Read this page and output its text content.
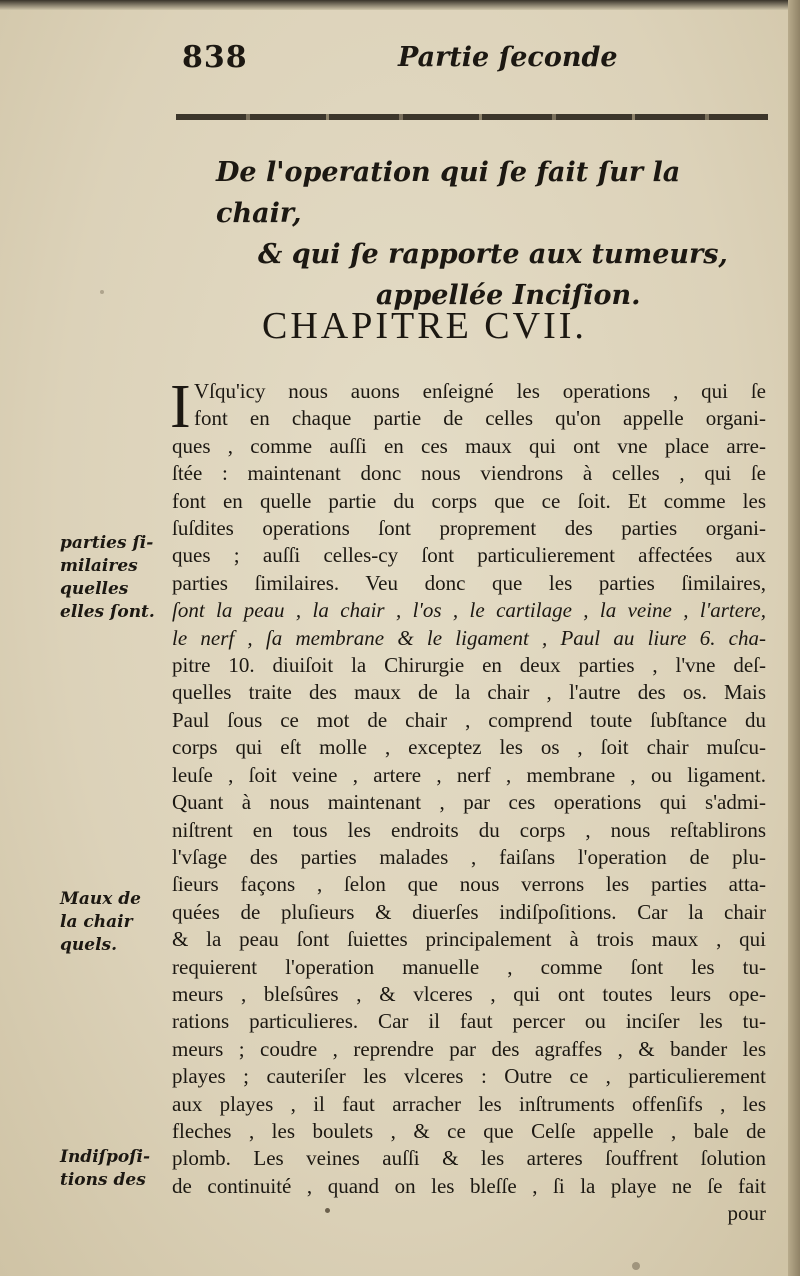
838	Partie ſeconde
De l'operation qui ſe fait ſur la chair,
& qui ſe rapporte aux tumeurs,
appellée Inciſion.
CHAPITRE CVII.
I Vſqu'icy nous auons enſeigné les operations , qui ſe
font en chaque partie de celles qu'on appelle organi-
ques , comme auſſi en ces maux qui ont vne place arre-
ſtée : maintenant donc nous viendrons à celles , qui ſe
font en quelle partie du corps que ce ſoit. Et comme les
ſuſdites operations ſont proprement des parties organi-
ques ; auſſi celles-cy ſont particulierement affectées aux
parties ſimilaires. Veu donc que les parties ſimilaires,
ſont la peau , la chair , l'os , le cartilage , la veine , l'artere,
le nerf , ſa membrane & le ligament , Paul au liure 6. cha-
pitre 10. diuiſoit la Chirurgie en deux parties , l'vne deſ-
quelles traite des maux de la chair , l'autre des os. Mais
Paul ſous ce mot de chair , comprend toute ſubſtance du
corps qui eſt molle , exceptez les os , ſoit chair muſcu-
leuſe , ſoit veine , artere , nerf , membrane , ou ligament.
Quant à nous maintenant , par ces operations qui s'admi-
niſtrent en tous les endroits du corps , nous reſtablirons
l'vſage des parties malades , faiſans l'operation de plu-
ſieurs façons , ſelon que nous verrons les parties atta-
quées de pluſieurs & diuerſes indiſpoſitions. Car la chair
& la peau ſont ſuiettes principalement à trois maux , qui
requierent l'operation manuelle , comme ſont les tu-
meurs , bleſsûres , & vlceres , qui ont toutes leurs ope-
rations particulieres. Car il faut percer ou inciſer les tu-
meurs ; coudre , reprendre par des agraffes , & bander les
playes ; cauteriſer les vlceres : Outre ce , particulierement
aux playes , il faut arracher les inſtruments offenſifs , les
fleches , les boulets , & ce que Celſe appelle , bale de
plomb. Les veines auſſi & les arteres ſouffrent ſolution
de continuité , quand on les bleſſe , ſi la playe ne ſe fait
pour
parties ſi-
milaires
quelles
elles ſont.
Maux de
la chair
quels.
Indiſpoſi-
tions des
